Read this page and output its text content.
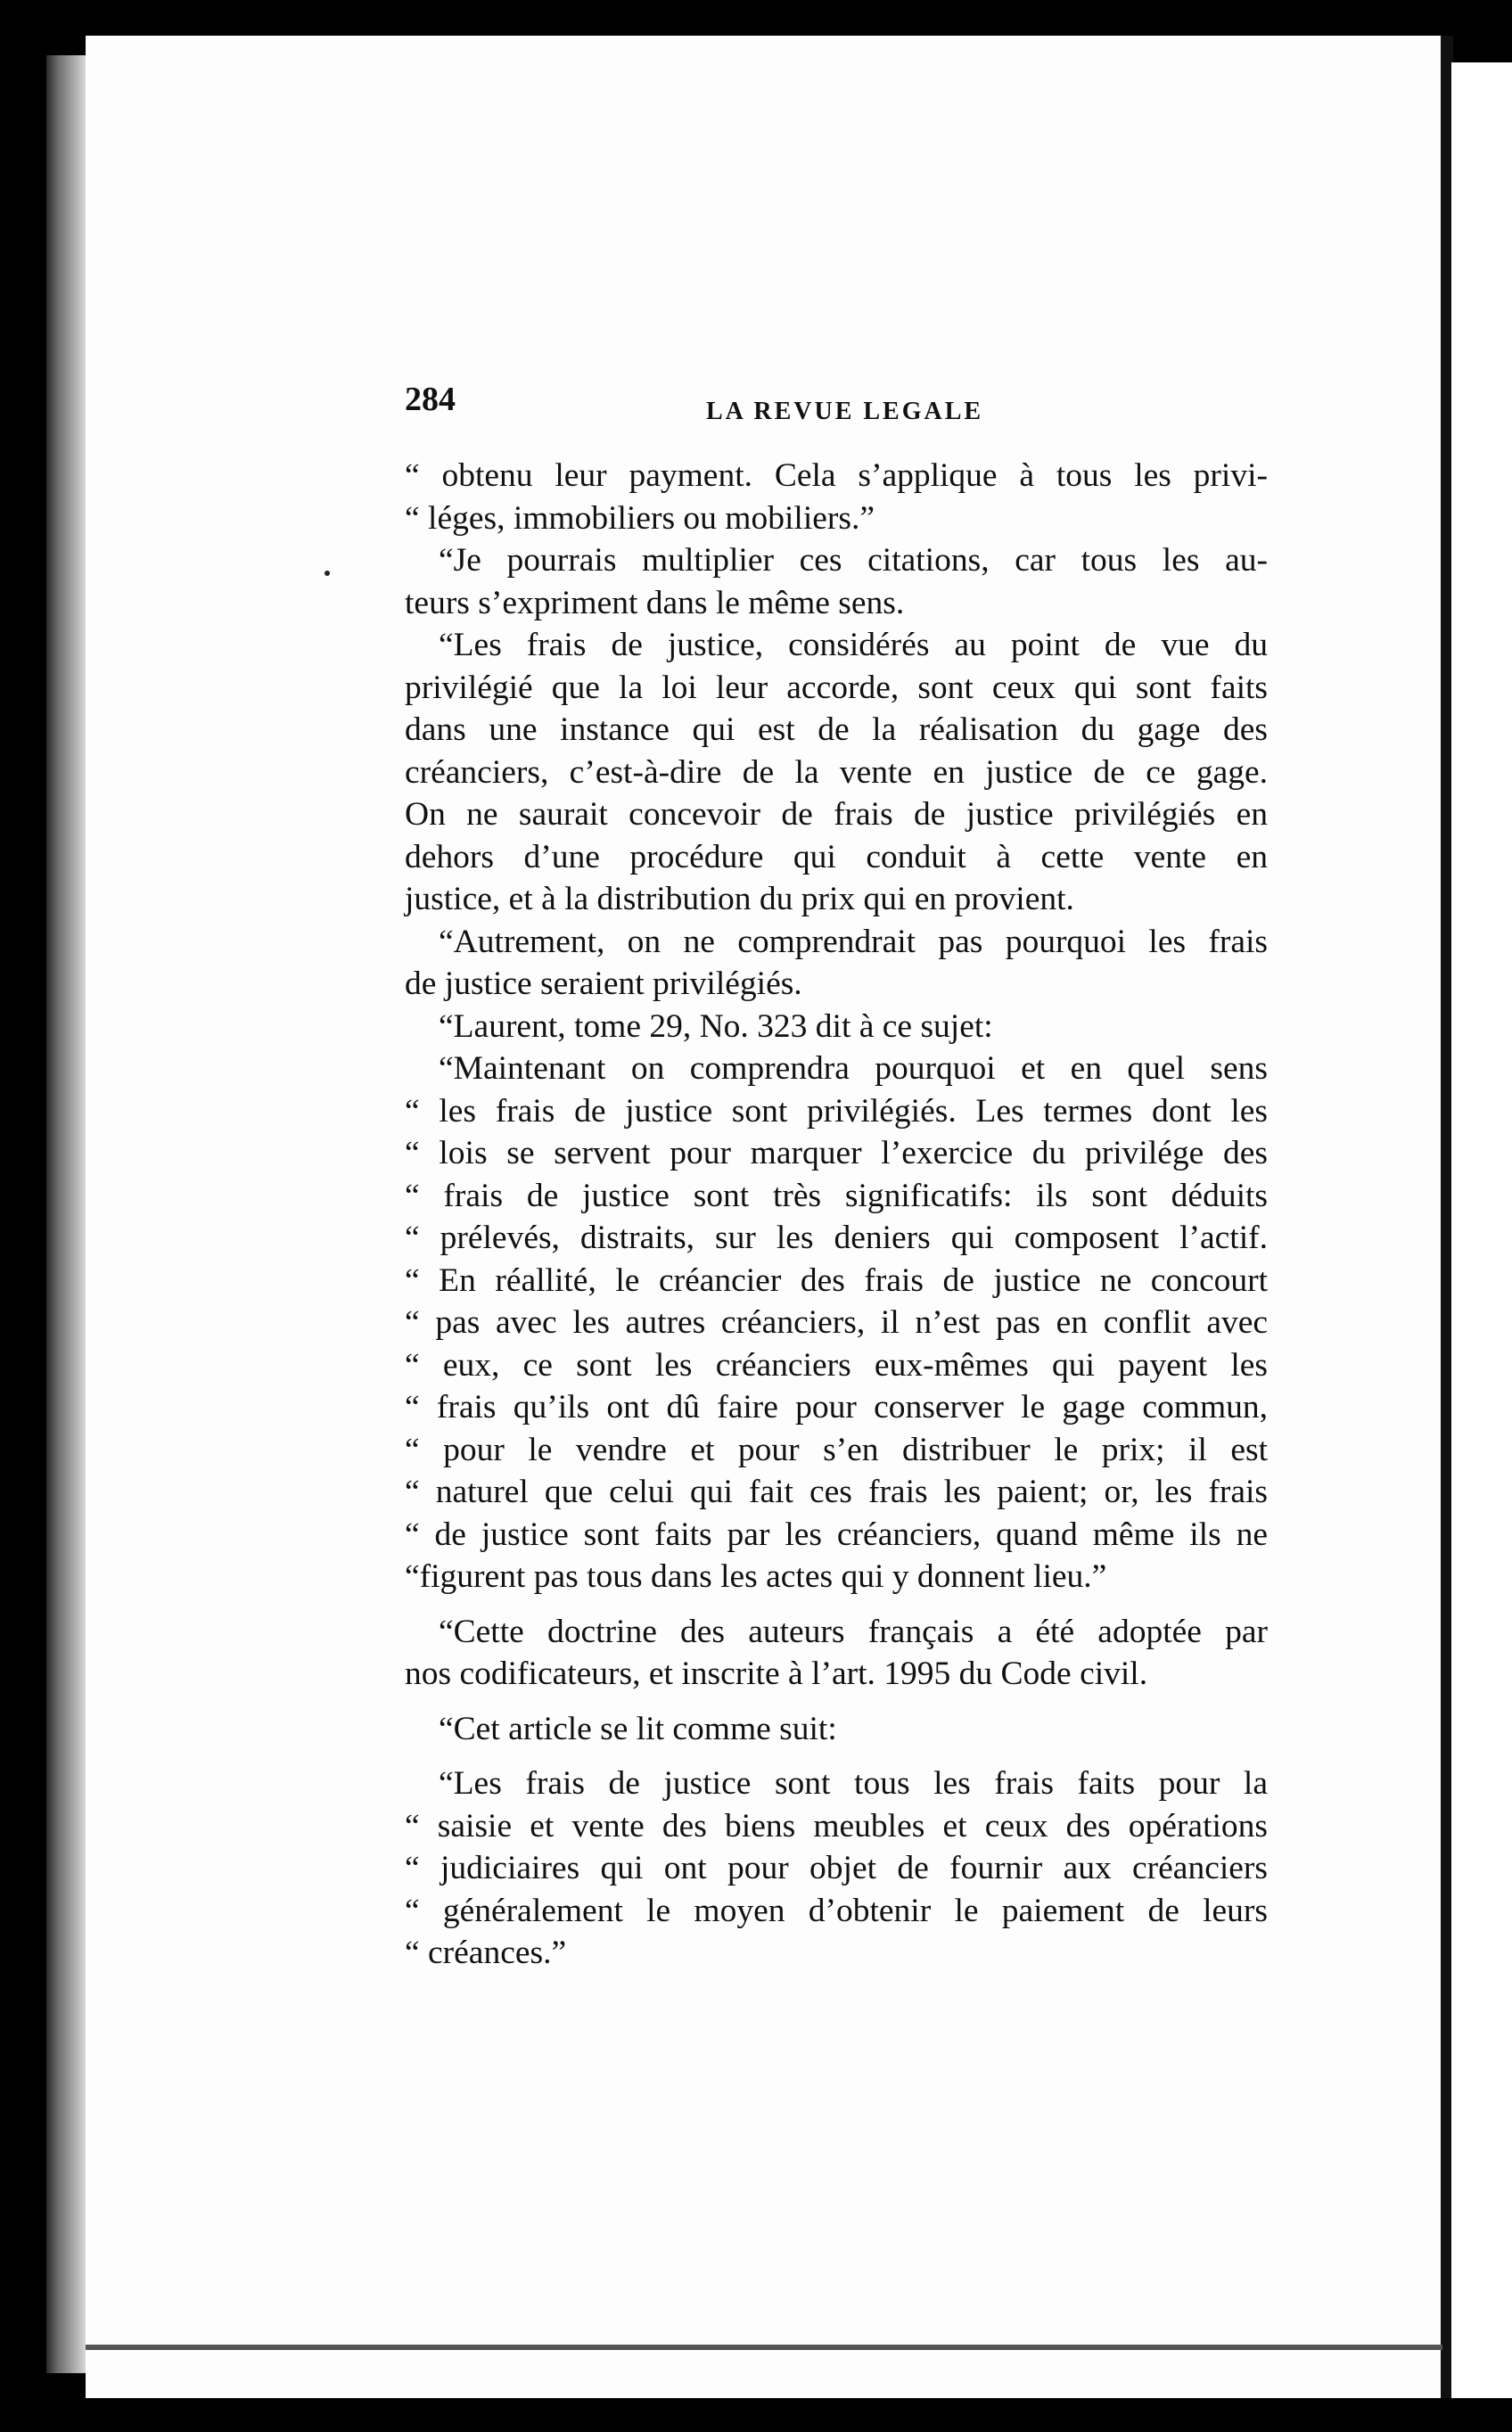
284	LA REVUE LEGALE
“ obtenu leur payment. Cela s’applique à tous les privi-
“ léges, immobiliers ou mobiliers.”
“Je pourrais multiplier ces citations, car tous les au-
teurs s’expriment dans le même sens.
“Les frais de justice, considérés au point de vue du
privilégié que la loi leur accorde, sont ceux qui sont faits
dans une instance qui est de la réalisation du gage des
créanciers, c’est-à-dire de la vente en justice de ce gage.
On ne saurait concevoir de frais de justice privilégiés en
dehors d’une procédure qui conduit à cette vente en
justice, et à la distribution du prix qui en provient.
“Autrement, on ne comprendrait pas pourquoi les frais
de justice seraient privilégiés.
“Laurent, tome 29, No. 323 dit à ce sujet:
“Maintenant on comprendra pourquoi et en quel sens
“ les frais de justice sont privilégiés. Les termes dont les
“ lois se servent pour marquer l’exercice du privilége des
“ frais de justice sont très significatifs: ils sont déduits
“ prélevés, distraits, sur les deniers qui composent l’actif.
“ En réallité, le créancier des frais de justice ne concourt
“ pas avec les autres créanciers, il n’est pas en conflit avec
“ eux, ce sont les créanciers eux-mêmes qui payent les
“ frais qu’ils ont dû faire pour conserver le gage commun,
“ pour le vendre et pour s’en distribuer le prix; il est
“ naturel que celui qui fait ces frais les paient; or, les frais
“ de justice sont faits par les créanciers, quand même ils ne
“figurent pas tous dans les actes qui y donnent lieu.”
“Cette doctrine des auteurs français a été adoptée par
nos codificateurs, et inscrite à l’art. 1995 du Code civil.
“Cet article se lit comme suit:
“Les frais de justice sont tous les frais faits pour la
“ saisie et vente des biens meubles et ceux des opérations
“ judiciaires qui ont pour objet de fournir aux créanciers
“ généralement le moyen d’obtenir le paiement de leurs
“ créances.”
